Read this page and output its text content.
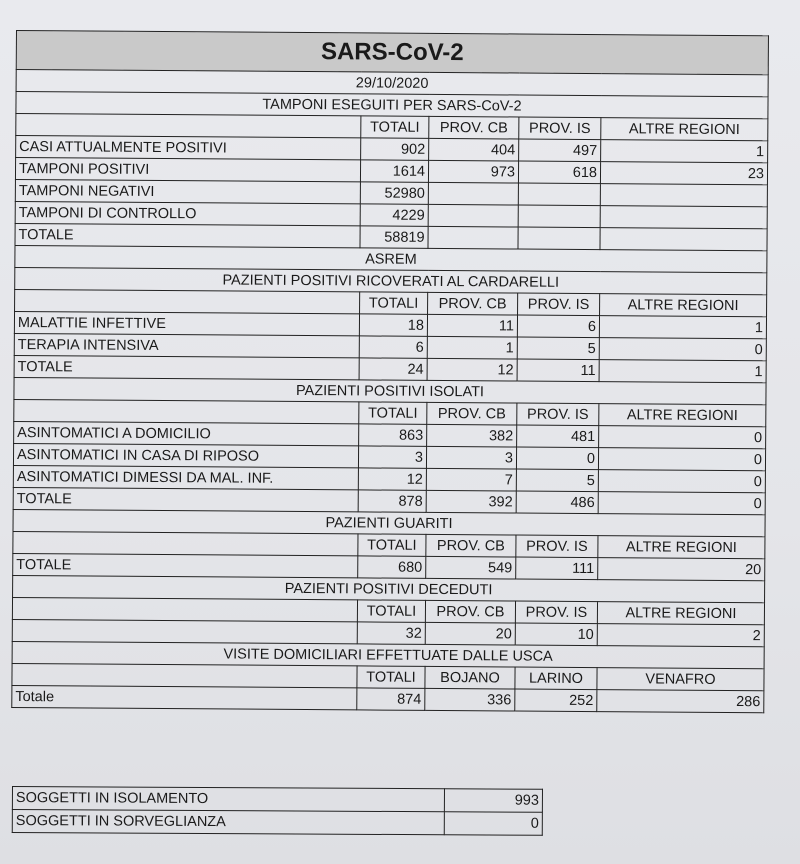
SARS-CoV-2				
29/10/2020				
TAMPONI ESEGUITI PER SARS-CoV-2				
	TOTALI	PROV. CB	PROV. IS	ALTRE REGIONI
CASI ATTUALMENTE POSITIVI	902	404	497	1
TAMPONI POSITIVI	1614	973	618	23
TAMPONI NEGATIVI	52980			
TAMPONI DI CONTROLLO	4229			
TOTALE	58819			
ASREM				
PAZIENTI POSITIVI RICOVERATI AL CARDARELLI				
	TOTALI	PROV. CB	PROV. IS	ALTRE REGIONI
MALATTIE INFETTIVE	18	11	6	1
TERAPIA INTENSIVA	6	1	5	0
TOTALE	24	12	11	1
PAZIENTI POSITIVI ISOLATI				
	TOTALI	PROV. CB	PROV. IS	ALTRE REGIONI
ASINTOMATICI A DOMICILIO	863	382	481	0
ASINTOMATICI IN CASA DI RIPOSO	3	3	0	0
ASINTOMATICI DIMESSI DA MAL. INF.	12	7	5	0
TOTALE	878	392	486	0
PAZIENTI GUARITI				
	TOTALI	PROV. CB	PROV. IS	ALTRE REGIONI
TOTALE	680	549	111	20
PAZIENTI POSITIVI DECEDUTI				
	TOTALI	PROV. CB	PROV. IS	ALTRE REGIONI
	32	20	10	2
VISITE DOMICILIARI EFFETTUATE DALLE USCA				
	TOTALI	BOJANO	LARINO	VENAFRO
Totale	874	336	252	286
SOGGETTI IN ISOLAMENTO	993
SOGGETTI IN SORVEGLIANZA	0
